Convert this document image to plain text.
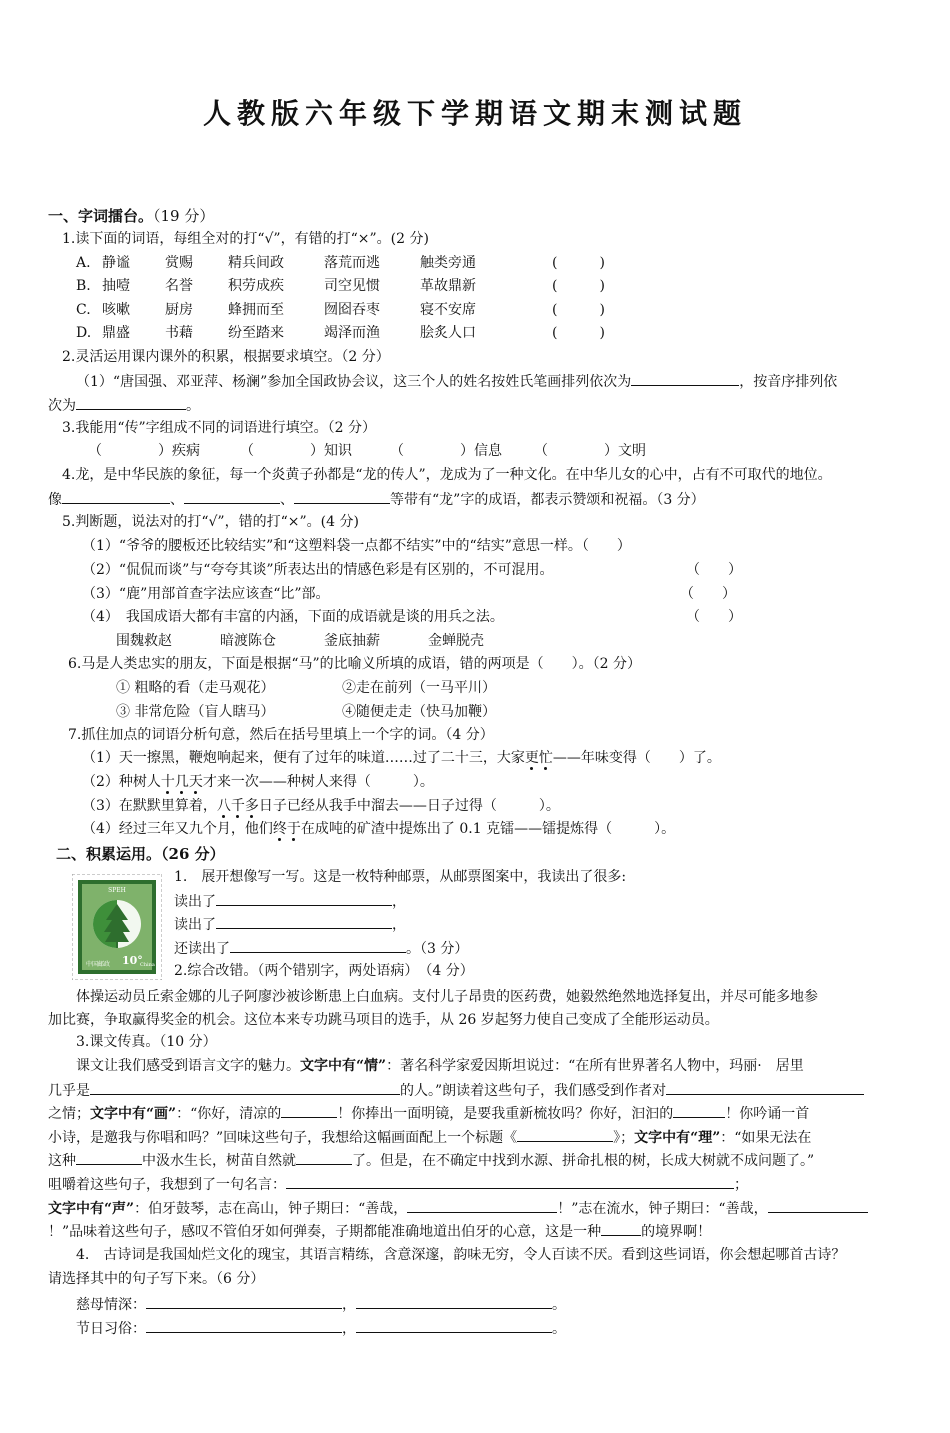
人教版六年级下学期语文期末测试题
一、字词擂台。（19 分）
1.读下面的词语，每组全对的打“√”，有错的打“×”。(2 分)
A. 静谧	赏赐	精兵间政	落荒而逃	触类旁通	(　　　)
B. 抽噎	名誉	积劳成疾	司空见惯	革故鼎新	(　　　)
C. 咳嗽	厨房	蜂拥而至	囫囵吞枣	寝不安席	(　　　)
D. 鼎盛	书藉	纷至踏来	竭泽而渔	脍炙人口	(　　　)
2.灵活运用课内课外的积累，根据要求填空。（2 分）
（1）“唐国强、邓亚萍、杨澜”参加全国政协会议，这三个人的姓名按姓氏笔画排列依次为	，按音序排列依
次为	。
3.我能用“传”字组成不同的词语进行填空。（2 分）
（　　　　）疾病	（　　　　）知识	（　　　　）信息 （　　　　）文明
4.龙，是中华民族的象征，每一个炎黄子孙都是“龙的传人”，龙成为了一种文化。在中华儿女的心中，占有不可取代的地位。
像	、	、	等带有“龙”字的成语，都表示赞颂和祝福。（3 分）
5.判断题，说法对的打“√”，错的打“×”。(4 分)
（1）“爷爷的腰板还比较结实”和“这塑料袋一点都不结实”中的“结实”意思一样。（　　）
（2）“侃侃而谈”与“夸夸其谈”所表达出的情感色彩是有区别的，不可混用。	（　　）
（3）“鹿”用部首查字法应该查“比”部。	（　　）
（4）　我国成语大都有丰富的内涵，下面的成语就是谈的用兵之法。	（　　）
围魏救赵	暗渡陈仓	釜底抽薪	金蝉脱壳
6.马是人类忠实的朋友，下面是根据“马”的比喻义所填的成语，错的两项是（　　）。（2 分）
① 粗略的看（走马观花）	②走在前列（一马平川）
③ 非常危险（盲人瞎马）	④随便走走（快马加鞭）
7.抓住加点的词语分析句意，然后在括号里填上一个字的词。（4 分）
（1）天一擦黑，鞭炮响起来，便有了过年的味道……过了二十三，大家更忙——年味变得（　　）了。
（2）种树人十几天才来一次——种树人来得（　　　）。
（3）在默默里算着，八千多日子已经从我手中溜去——日子过得（　　　）。
（4）经过三年又九个月，他们终于在成吨的矿渣中提炼出了 0.1 克镭——镭提炼得（　　　）。
二、积累运用。（26 分）
SPEH
中国邮政 10°
China
1.　展开想像写一写。这是一枚特种邮票，从邮票图案中，我读出了很多:
读出了	，
读出了	，
还读出了	。（3 分）
2.综合改错。（两个错别字，两处语病）　（4 分）
体操运动员丘索金娜的儿子阿廖沙被诊断患上白血病。支付儿子昂贵的医药费，她毅然绝然地选择复出，并尽可能多地参
加比赛，争取赢得奖金的机会。这位本来专功跳马项目的选手，从 26 岁起努力使自己变成了全能形运动员。
3.课文传真。（10 分）
课文让我们感受到语言文字的魅力。文字中有“情”：著名科学家爱因斯坦说过：“在所有世界著名人物中，玛丽·　居里
几乎是	的人。”朗读着这些句子，我们感受到作者对
之情；文字中有“画”：“你好，清凉的	！你捧出一面明镜，是要我重新梳妆吗？你好，汩汩的	！你吟诵一首
小诗，是邀我与你唱和吗？”回味这些句子，我想给这幅画面配上一个标题《	》；文字中有“理”：“如果无法在
这种	中汲水生长，树苗自然就	了。但是，在不确定中找到水源、拼命扎根的树，长成大树就不成问题了。”
咀嚼着这些句子，我想到了一句名言：	；
文字中有“声”：伯牙鼓琴，志在高山，钟子期曰：“善哉，	！”志在流水，钟子期曰：“善哉，
！”品味着这些句子，感叹不管伯牙如何弹奏，子期都能准确地道出伯牙的心意，这是一种	的境界啊！
4.　古诗词是我国灿烂文化的瑰宝，其语言精练，含意深邃，韵味无穷，令人百读不厌。看到这些词语，你会想起哪首古诗？
请选择其中的句子写下来。（6 分）
慈母情深：	，	。
节日习俗：	，	。
